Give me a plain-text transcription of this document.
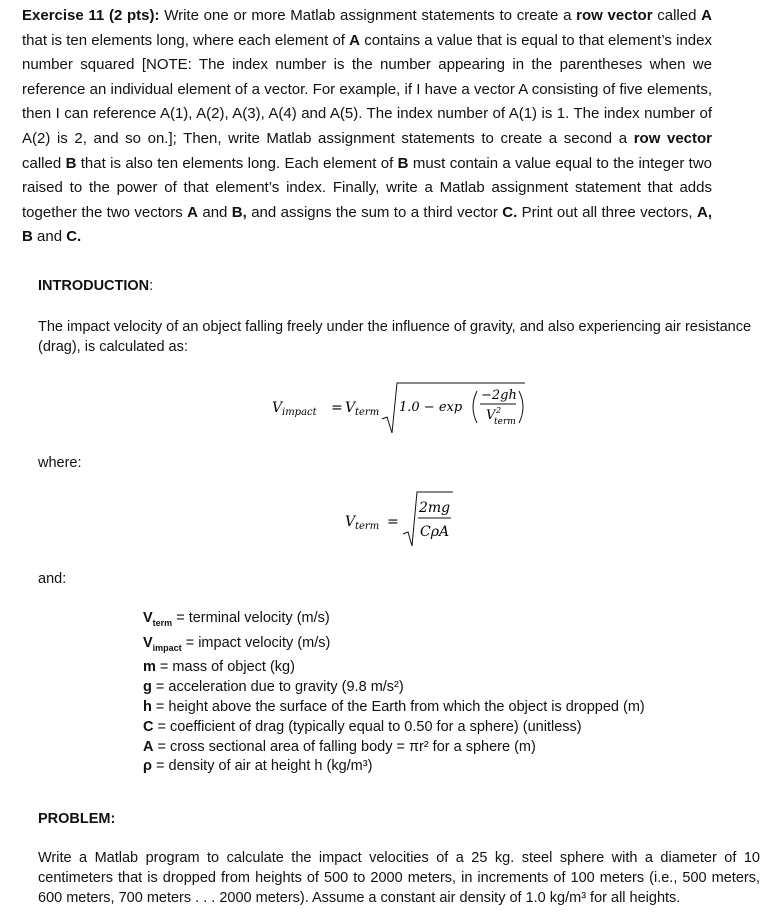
Exercise 11 (2 pts): Write one or more Matlab assignment statements to create a row vector called A that is ten elements long, where each element of A contains a value that is equal to that element’s index number squared [NOTE: The index number is the number appearing in the parentheses when we reference an individual element of a vector. For example, if I have a vector A consisting of five elements, then I can reference A(1), A(2), A(3), A(4) and A(5). The index number of A(1) is 1. The index number of A(2) is 2, and so on.]; Then, write Matlab assignment statements to create a second a row vector called B that is also ten elements long. Each element of B must contain a value equal to the integer two raised to the power of that element’s index. Finally, write a Matlab assignment statement that adds together the two vectors A and B, and assigns the sum to a third vector C. Print out all three vectors, A, B and C.
INTRODUCTION:
The impact velocity of an object falling freely under the influence of gravity, and also experiencing air resistance (drag), is calculated as:
V impact = V term 1.0 − exp
−2gh
V 2
term
where:
V term =
2mg
CρA
and:
$V_{term}$ = terminal velocity (m/s)
$V_{impact}$ = impact velocity (m/s)
m = mass of object (kg)
g = acceleration due to gravity (9.8 m/s²)
h = height above the surface of the Earth from which the object is dropped (m)
C = coefficient of drag (typically equal to 0.50 for a sphere) (unitless)
A = cross sectional area of falling body = πr² for a sphere (m)
ρ = density of air at height h (kg/m³)
PROBLEM:
Write a Matlab program to calculate the impact velocities of a 25 kg. steel sphere with a diameter of 10 centimeters that is dropped from heights of 500 to 2000 meters, in increments of 100 meters (i.e., 500 meters, 600 meters, 700 meters . . . 2000 meters). Assume a constant air density of 1.0 kg/m³ for all heights.
